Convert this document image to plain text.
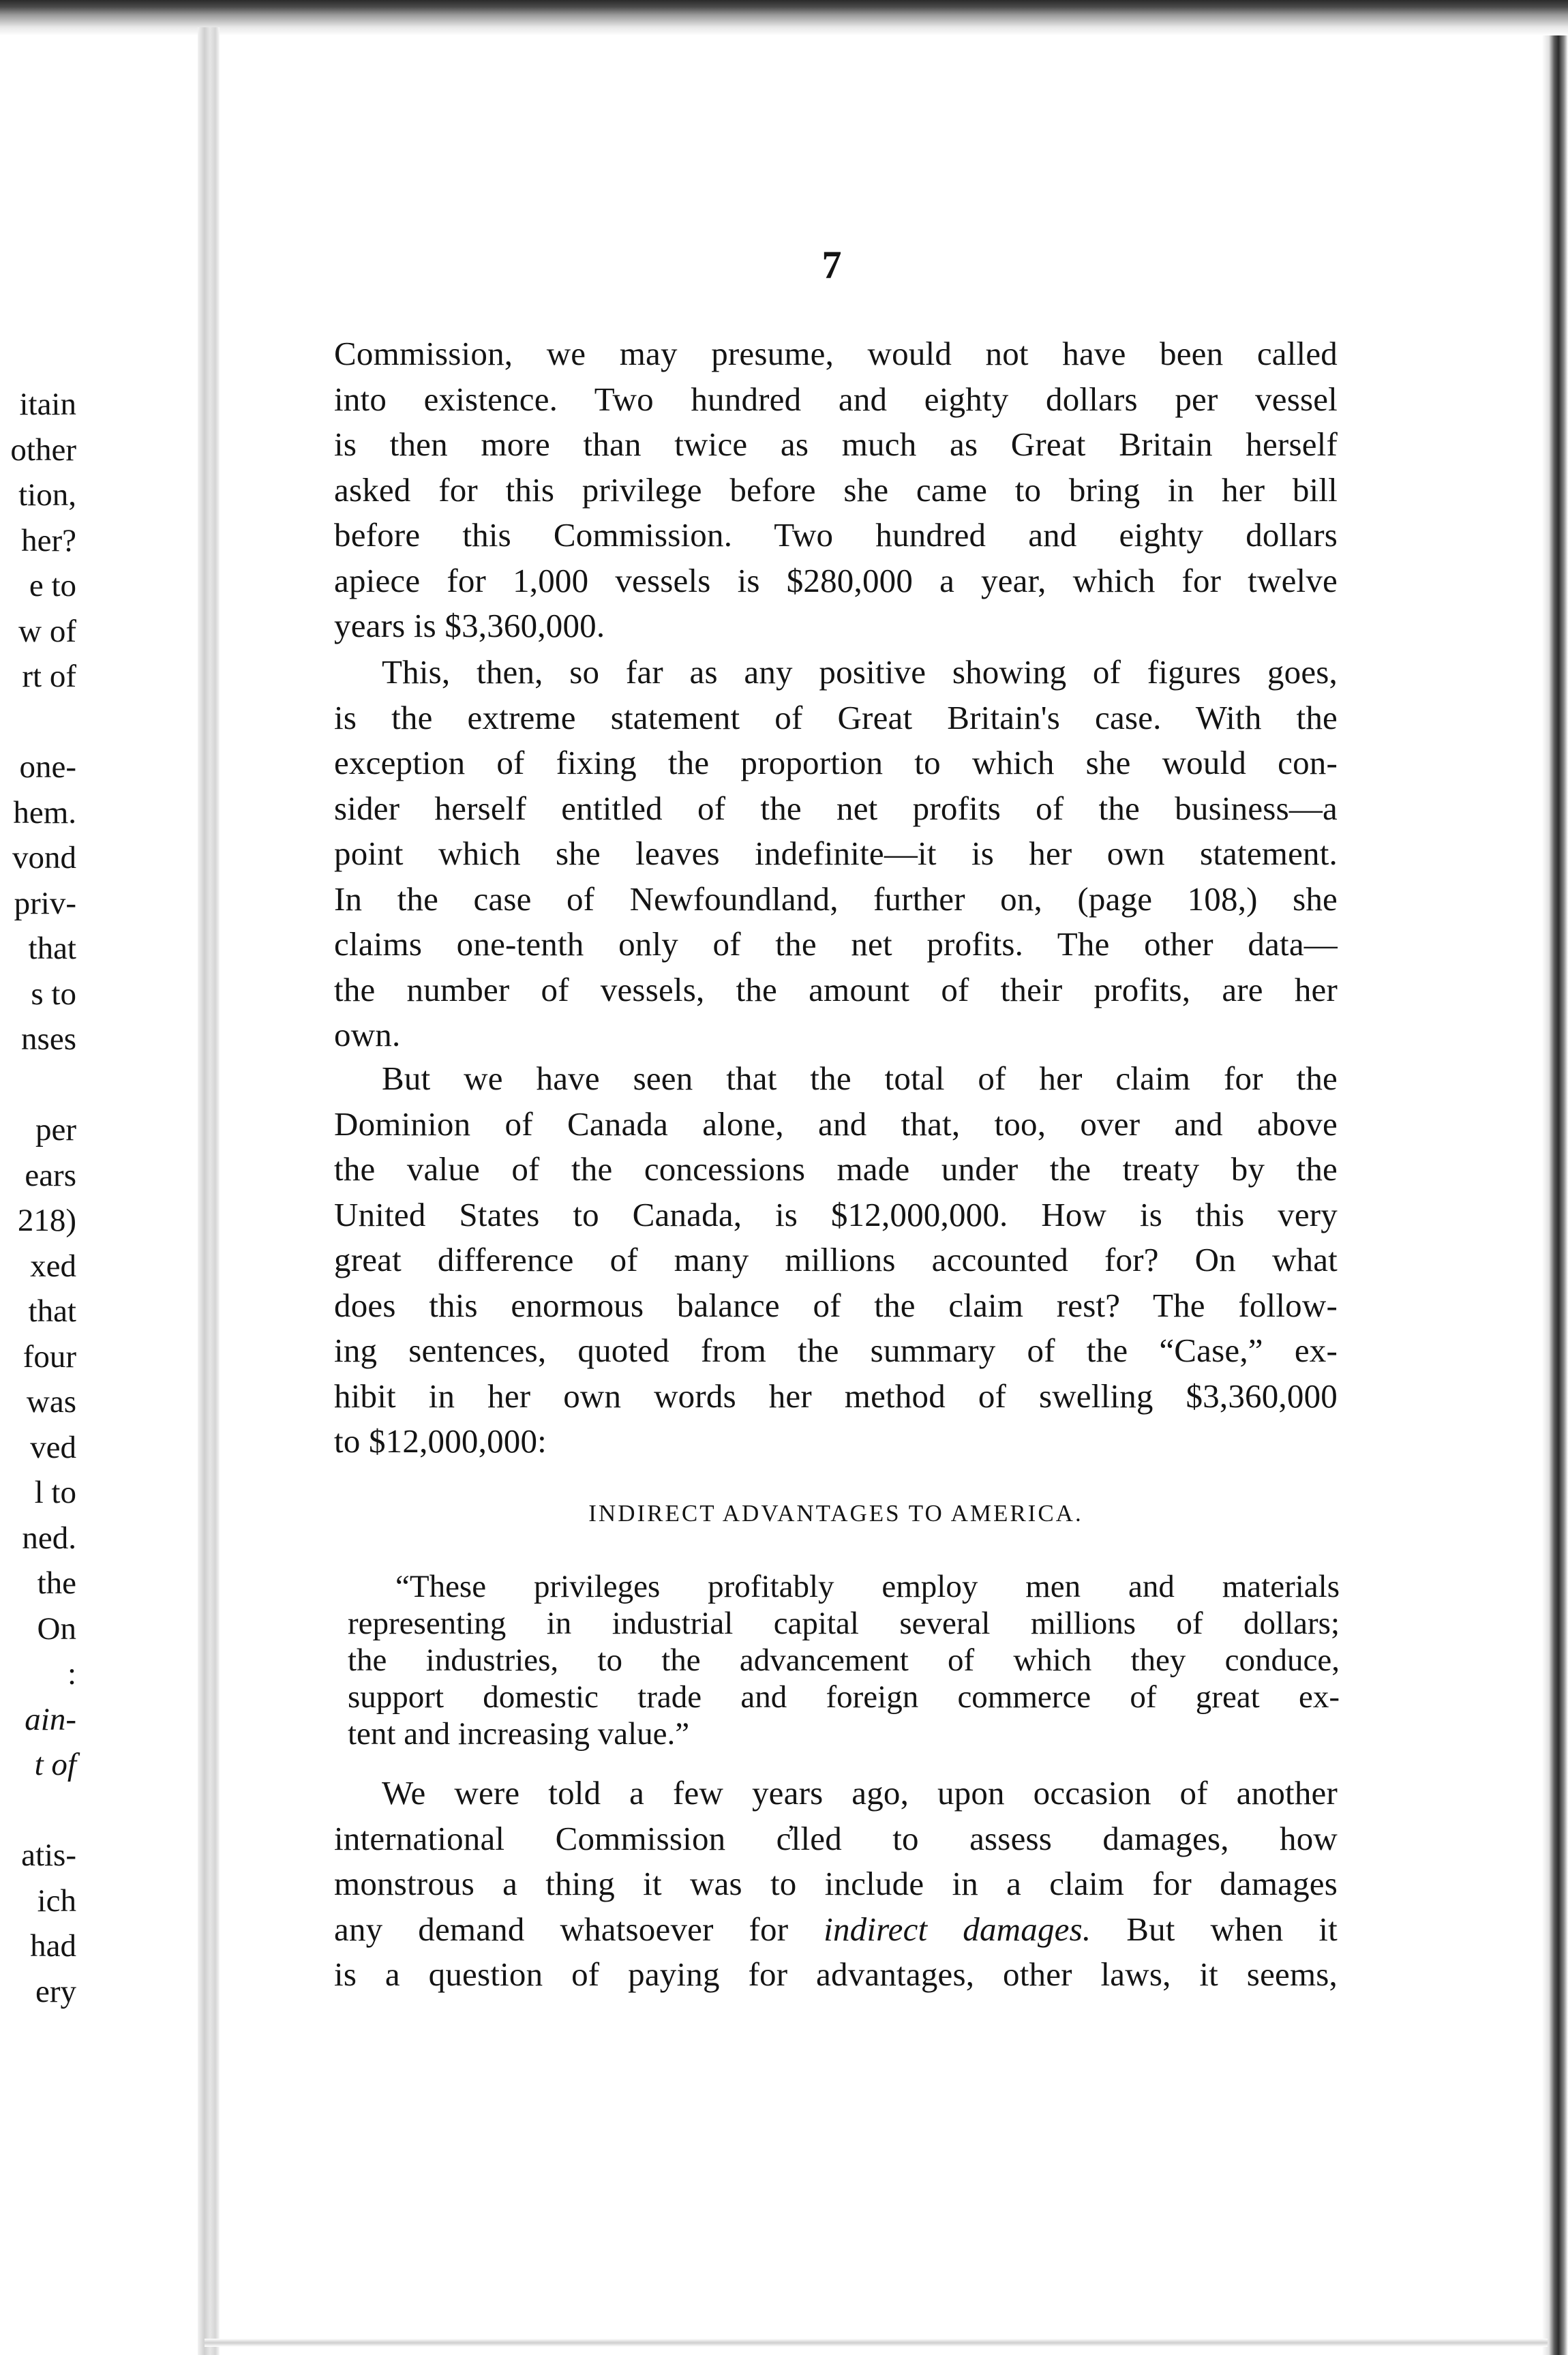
itain
other
tion,
her?
e to
w of
rt of
one-
hem.
vond
priv-
that
s to
nses
per
ears
218)
xed
that
four
was
ved
l to
ned.
the
On
:
ain-
t of
atis-
ich
had
ery
7
Commission, we may presume, would not have been called
into existence. Two hundred and eighty dollars per vessel
is then more than twice as much as Great Britain herself
asked for this privilege before she came to bring in her bill
before this Commission. Two hundred and eighty dollars
apiece for 1,000 vessels is $280,000 a year, which for twelve
years is $3,360,000.
This, then, so far as any positive showing of figures goes,
is the extreme statement of Great Britain's case. With the
exception of fixing the proportion to which she would con-
sider herself entitled of the net profits of the business—a
point which she leaves indefinite—it is her own statement.
In the case of Newfoundland, further on, (page 108,) she
claims one-tenth only of the net profits. The other data—
the number of vessels, the amount of their profits, are her
own.
But we have seen that the total of her claim for the
Dominion of Canada alone, and that, too, over and above
the value of the concessions made under the treaty by the
United States to Canada, is $12,000,000. How is this very
great difference of many millions accounted for? On what
does this enormous balance of the claim rest? The follow-
ing sentences, quoted from the summary of the “Case,” ex-
hibit in her own words her method of swelling $3,360,000
to $12,000,000:
INDIRECT ADVANTAGES TO AMERICA.
“These privileges profitably employ men and materials
representing in industrial capital several millions of dollars;
the industries, to the advancement of which they conduce,
support domestic trade and foreign commerce of great ex-
tent and increasing value.”
We were told a few years ago, upon occasion of another
international Commission c̓lled to assess damages, how
monstrous a thing it was to include in a claim for damages
any demand whatsoever for indirect damages. But when it
is a question of paying for advantages, other laws, it seems,
